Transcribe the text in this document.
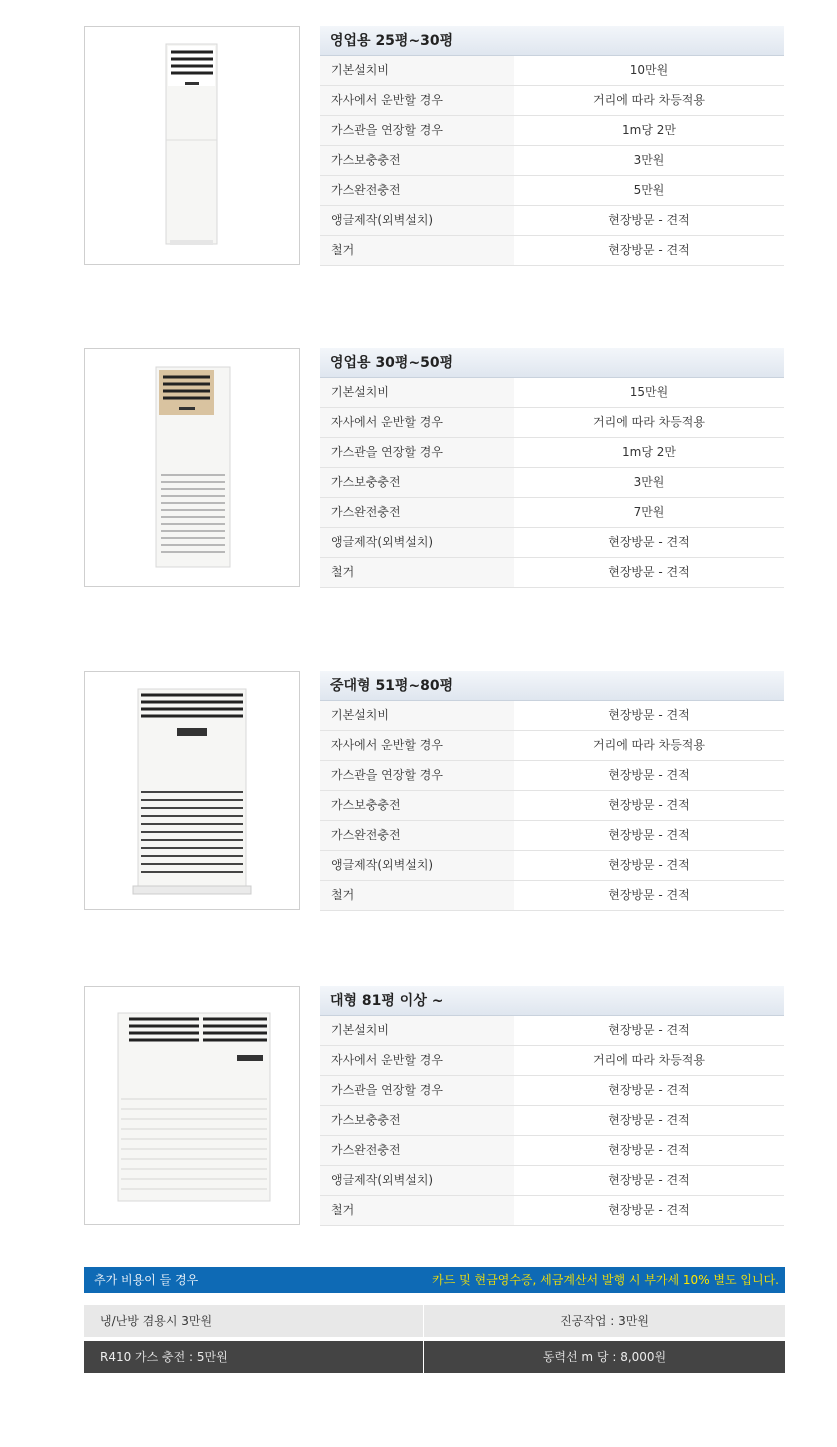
영업용 25평~30평
기본설치비	10만원
자사에서 운반할 경우	거리에 따라 차등적용
가스관을 연장할 경우	1m당 2만
가스보충충전	3만원
가스완전충전	5만원
앵글제작(외벽설치)	현장방문 - 견적
철거	현장방문 - 견적
영업용 30평~50평
기본설치비	15만원
자사에서 운반할 경우	거리에 따라 차등적용
가스관을 연장할 경우	1m당 2만
가스보충충전	3만원
가스완전충전	7만원
앵글제작(외벽설치)	현장방문 - 견적
철거	현장방문 - 견적
중대형 51평~80평
기본설치비	현장방문 - 견적
자사에서 운반할 경우	거리에 따라 차등적용
가스관을 연장할 경우	현장방문 - 견적
가스보충충전	현장방문 - 견적
가스완전충전	현장방문 - 견적
앵글제작(외벽설치)	현장방문 - 견적
철거	현장방문 - 견적
대형 81평 이상 ~
기본설치비	현장방문 - 견적
자사에서 운반할 경우	거리에 따라 차등적용
가스관을 연장할 경우	현장방문 - 견적
가스보충충전	현장방문 - 견적
가스완전충전	현장방문 - 견적
앵글제작(외벽설치)	현장방문 - 견적
철거	현장방문 - 견적
추가 비용이 들 경우	카드 및 현금영수증, 세금계산서 발행 시 부가세 10% 별도 입니다.
냉/난방 겸용시 3만원	진공작업 : 3만원
R410 가스 충전 : 5만원	동력선 m 당 : 8,000원
